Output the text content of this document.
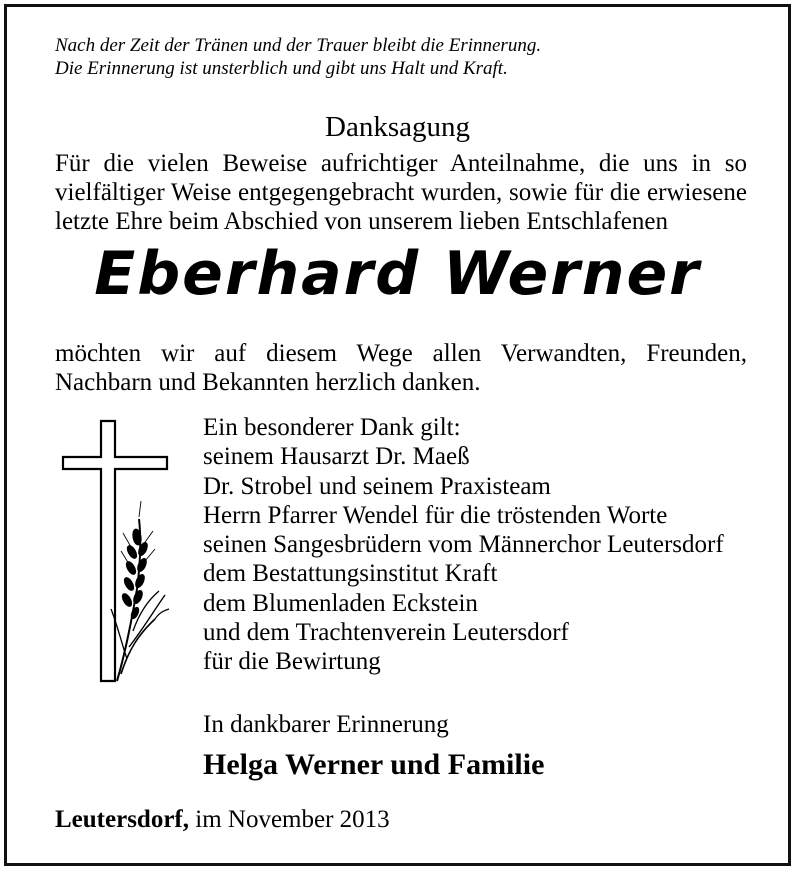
Nach der Zeit der Tränen und der Trauer bleibt die Erinnerung.
Die Erinnerung ist unsterblich und gibt uns Halt und Kraft.
Danksagung
Für die vielen Beweise aufrichtiger Anteilnahme, die uns in so
vielfältiger Weise entgegengebracht wurden, sowie für die erwiesene
letzte Ehre beim Abschied von unserem lieben Entschlafenen
Eberhard Werner
möchten wir auf diesem Wege allen Verwandten, Freunden,
Nachbarn und Bekannten herzlich danken.
Ein besonderer Dank gilt:
seinem Hausarzt Dr. Maeß
Dr. Strobel und seinem Praxisteam
Herrn Pfarrer Wendel für die tröstenden Worte
seinen Sangesbrüdern vom Männerchor Leutersdorf
dem Bestattungsinstitut Kraft
dem Blumenladen Eckstein
und dem Trachtenverein Leutersdorf
für die Bewirtung
In dankbarer Erinnerung
Helga Werner und Familie
Leutersdorf, im November 2013
